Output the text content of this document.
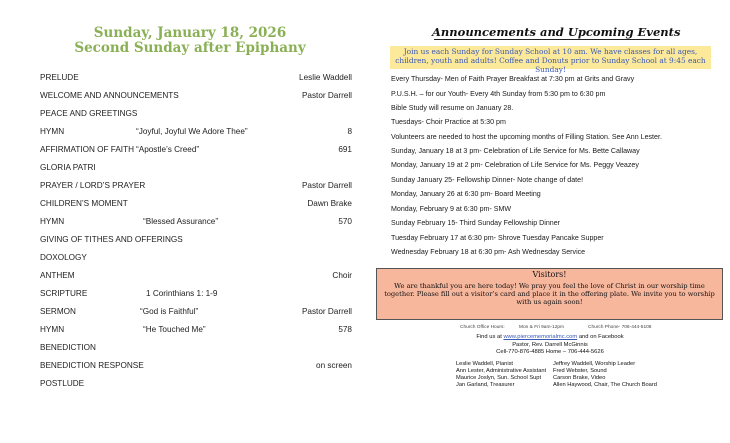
Sunday, January 18, 2026
Second Sunday after Epiphany
PRELUDE	Leslie Waddell
WELCOME AND ANNOUNCEMENTS	Pastor Darrell
PEACE AND GREETINGS
HYMN	“Joyful, Joyful We Adore Thee”	8
AFFIRMATION OF FAITH “Apostle’s Creed”	691
GLORIA PATRI
PRAYER / LORD’S PRAYER	Pastor Darrell
CHILDREN’S MOMENT	Dawn Brake
HYMN	“Blessed Assurance”	570
GIVING OF TITHES AND OFFERINGS
DOXOLOGY
ANTHEM	Choir
SCRIPTURE	1 Corinthians 1: 1-9
SERMON	“God is Faithful”	Pastor Darrell
HYMN	“He Touched Me”	578
BENEDICTION
BENEDICTION RESPONSE	on screen
POSTLUDE
Announcements and Upcoming Events
Join us each Sunday for Sunday School at 10 am. We have classes for all ages, children, youth and adults! Coffee and Donuts prior to Sunday School at 9:45 each Sunday!
Every Thursday- Men of Faith Prayer Breakfast at 7:30 pm at Grits and Gravy
P.U.S.H. – for our Youth- Every 4th Sunday from 5:30 pm to 6:30 pm
Bible Study will resume on January 28.
Tuesdays- Choir Practice at 5:30 pm
Volunteers are needed to host the upcoming months of Filling Station. See Ann Lester.
Sunday, January 18 at 3 pm- Celebration of Life Service for Ms. Bette Callaway
Monday, January 19 at 2 pm- Celebration of Life Service for Ms. Peggy Veazey
Sunday January 25- Fellowship Dinner- Note change of date!
Monday, January 26 at 6:30 pm- Board Meeting
Monday, February 9 at 6:30 pm- SMW
Sunday February 15- Third Sunday Fellowship Dinner
Tuesday February 17 at 6:30 pm- Shrove Tuesday Pancake Supper
Wednesday February 18 at 6:30 pm- Ash Wednesday Service
Visitors!
We are thankful you are here today! We pray you feel the love of Christ in our worship time together. Please fill out a visitor’s card and place it in the offering plate. We invite you to worship with us again soon!
Church Office Hours:	Mon & Fri 9am-12pm	Church Phone- 706-444-5108
Find us at www.piercememorialmc.com and on Facebook
Pastor, Rev. Darrell McGinnis
Cell-770-876-4885 Home – 706-444-5626
Leslie Waddell, Pianist
Ann Lester, Administrative Assistant
Maurice Joslyn, Sun. School Supt
Jan Garland, Treasurer
Jeffrey Waddell, Worship Leader
Fred Webster, Sound
Carson Brake, Video
Allen Haywood, Chair, The Church Board
